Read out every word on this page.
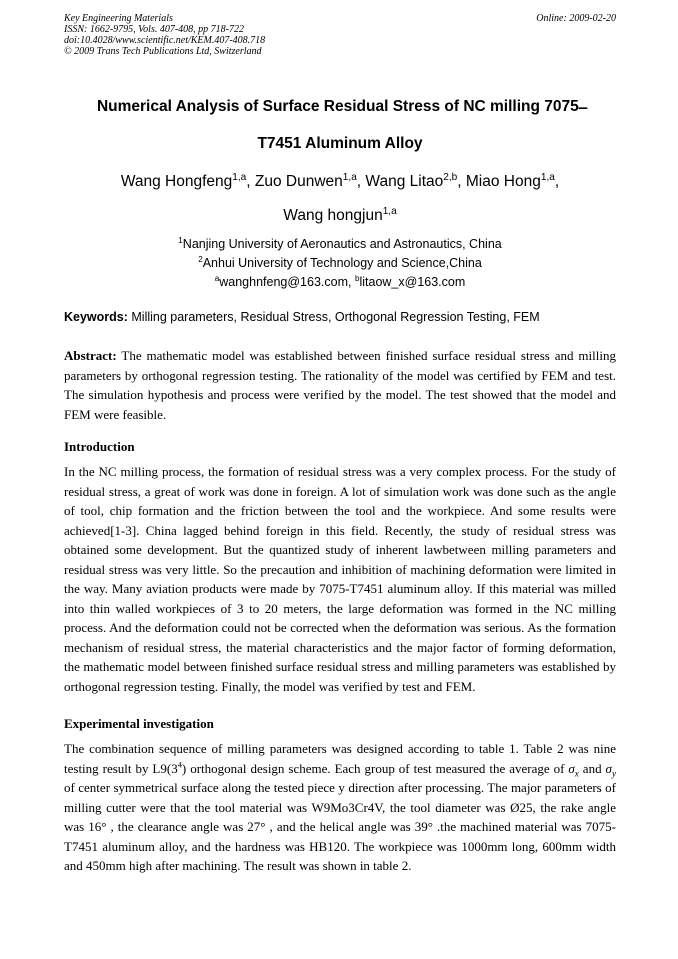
Key Engineering Materials
ISSN: 1662-9795, Vols. 407-408, pp 718-722
doi:10.4028/www.scientific.net/KEM.407-408.718
© 2009 Trans Tech Publications Ltd, Switzerland
Online: 2009-02-20
Numerical Analysis of Surface Residual Stress of NC milling 7075 ̶
T7451 Aluminum Alloy
Wang Hongfeng$^{1,a}$, Zuo Dunwen$^{1,a}$, Wang Litao$^{2,b}$, Miao Hong$^{1,a}$,
Wang hongjun$^{1,a}$
$^1$Nanjing University of Aeronautics and Astronautics, China
$^2$Anhui University of Technology and Science,China
$^a$wanghnfeng@163.com, $^b$litaow_x@163.com
Keywords: Milling parameters, Residual Stress, Orthogonal Regression Testing, FEM
Abstract: The mathematic model was established between finished surface residual stress and milling parameters by orthogonal regression testing. The rationality of the model was certified by FEM and test. The simulation hypothesis and process were verified by the model. The test showed that the model and FEM were feasible.
Introduction
In the NC milling process, the formation of residual stress was a very complex process. For the study of residual stress, a great of work was done in foreign. A lot of simulation work was done such as the angle of tool, chip formation and the friction between the tool and the workpiece. And some results were achieved[1-3]. China lagged behind foreign in this field. Recently, the study of residual stress was obtained some development. But the quantized study of inherent lawbetween milling parameters and residual stress was very little. So the precaution and inhibition of machining deformation were limited in the way. Many aviation products were made by 7075-T7451 aluminum alloy. If this material was milled into thin walled workpieces of 3 to 20 meters, the large deformation was formed in the NC milling process. And the deformation could not be corrected when the deformation was serious. As the formation mechanism of residual stress, the material characteristics and the major factor of forming deformation, the mathematic model between finished surface residual stress and milling parameters was established by orthogonal regression testing. Finally, the model was verified by test and FEM.
Experimental investigation
The combination sequence of milling parameters was designed according to table 1. Table 2 was nine testing result by $L9(3^4)$ orthogonal design scheme. Each group of test measured the average of $\sigma_x$ and $\sigma_y$ of center symmetrical surface along the tested piece y direction after processing. The major parameters of milling cutter were that the tool material was W9Mo3Cr4V, the tool diameter was Ø25, the rake angle was 16° , the clearance angle was 27° , and the helical angle was 39° .the machined material was 7075-T7451 aluminum alloy, and the hardness was HB120. The workpiece was 1000mm long, 600mm width and 450mm high after machining. The result was shown in table 2.
